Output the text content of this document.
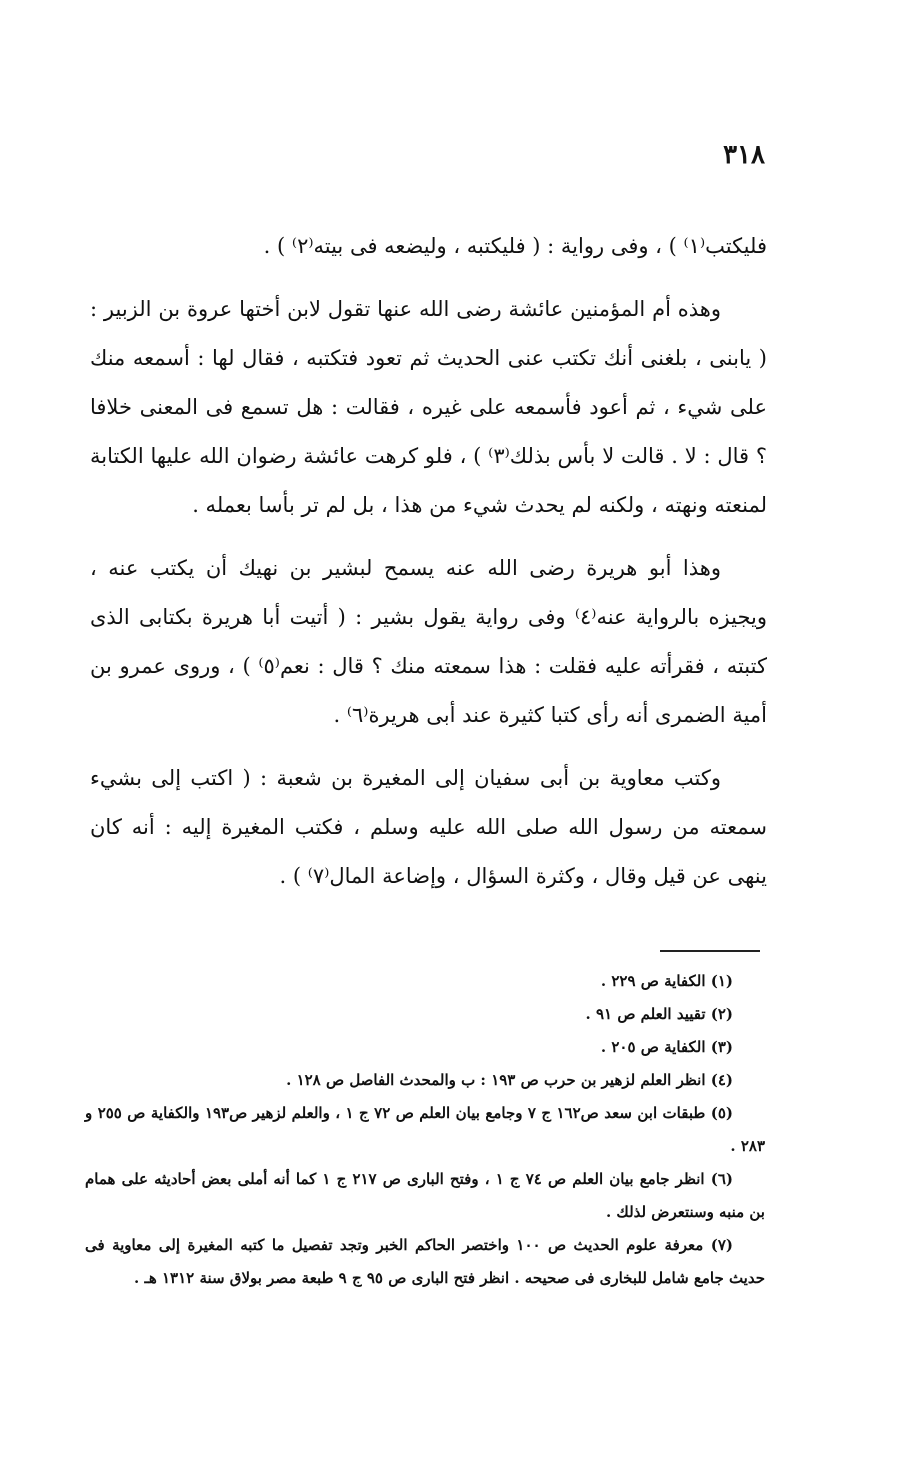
٣١٨

فليكتب⁽١⁾ ) ، وفى رواية : ( فليكتبه ، وليضعه فى بيته⁽٢⁾ ) .

وهذه أم المؤمنين عائشة رضى الله عنها تقول لابن أختها عروة بن الزبير : ( يابنى ، بلغنى أنك تكتب عنى الحديث ثم تعود فتكتبه ، فقال لها : أسمعه منك على شيء ، ثم أعود فأسمعه على غيره ، فقالت : هل تسمع فى المعنى خلافا ؟ قال : لا . قالت لا بأس بذلك⁽٣⁾ ) ، فلو كرهت عائشة رضوان الله عليها الكتابة لمنعته ونهته ، ولكنه لم يحدث شيء من هذا ، بل لم تر بأسا بعمله .

وهذا أبو هريرة رضى الله عنه يسمح لبشير بن نهيك أن يكتب عنه ، ويجيزه بالرواية عنه⁽٤⁾ وفى رواية يقول بشير : ( أتيت أبا هريرة بكتابى الذى كتبته ، فقرأته عليه فقلت : هذا سمعته منك ؟ قال : نعم⁽٥⁾ ) ، وروى عمرو بن أمية الضمرى أنه رأى كتبا كثيرة عند أبى هريرة⁽٦⁾ .

وكتب معاوية بن أبى سفيان إلى المغيرة بن شعبة : ( اكتب إلى بشيء سمعته من رسول الله صلى الله عليه وسلم ، فكتب المغيرة إليه : أنه كان ينهى عن قيل وقال ، وكثرة السؤال ، وإضاعة المال⁽٧⁾ ) .

(١) الكفاية ص ٢٢٩ .

(٢) تقييد العلم ص ٩١ .

(٣) الكفاية ص ٢٠٥ .

(٤) انظر العلم لزهير بن حرب ص ١٩٣ : ب والمحدث الفاصل ص ١٢٨ .

(٥) طبقات ابن سعد ص١٦٢ ج ٧ وجامع بيان العلم ص ٧٢ ج ١ ، والعلم لزهير ص١٩٣ والكفاية ص ٢٥٥ و ٢٨٣ .

(٦) انظر جامع بيان العلم ص ٧٤ ج ١ ، وفتح البارى ص ٢١٧ ج ١ كما أنه أملى بعض أحاديثه على همام بن منبه وسنتعرض لذلك .

(٧) معرفة علوم الحديث ص ١٠٠ واختصر الحاكم الخبر وتجد تفصيل ما كتبه المغيرة إلى معاوية فى حديث جامع شامل للبخارى فى صحيحه . انظر فتح البارى ص ٩٥ ج ٩ طبعة مصر بولاق سنة ١٣١٢ هـ .
